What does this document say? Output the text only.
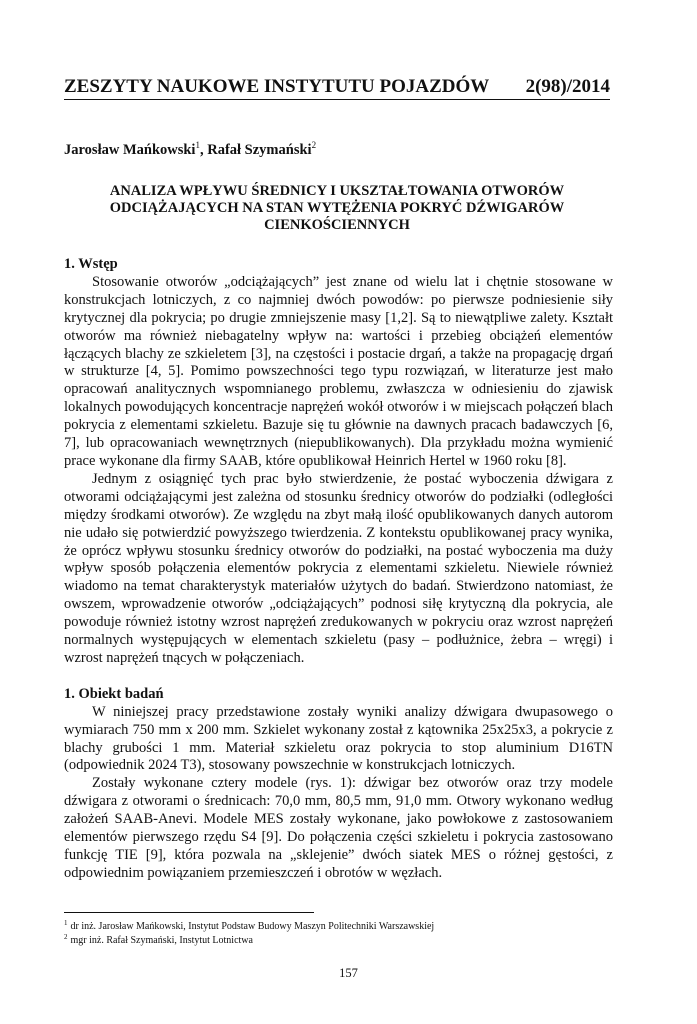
ZESZYTY NAUKOWE INSTYTUTU POJAZDÓW 2(98)/2014
Jarosław Mańkowski$^1$, Rafał Szymański$^2$
ANALIZA WPŁYWU ŚREDNICY I UKSZTAŁTOWANIA OTWORÓW
ODCIĄŻAJĄCYCH NA STAN WYTĘŻENIA POKRYĆ DŹWIGARÓW
CIENKOŚCIENNYCH
1. Wstęp

Stosowanie otworów „odciążających” jest znane od wielu lat i chętnie stosowane w konstrukcjach lotniczych, z co najmniej dwóch powodów: po pierwsze podniesienie siły krytycznej dla pokrycia; po drugie zmniejszenie masy [1,2]. Są to niewątpliwe zalety. Kształt otworów ma również niebagatelny wpływ na: wartości i przebieg obciążeń elementów łączących blachy ze szkieletem [3], na częstości i postacie drgań, a także na propagację drgań w strukturze [4, 5]. Pomimo powszechności tego typu rozwiązań, w literaturze jest mało opracowań analitycznych wspomnianego problemu, zwłaszcza w odniesieniu do zjawisk lokalnych powodujących koncentracje naprężeń wokół otworów i w miejscach połączeń blach pokrycia z elementami szkieletu. Bazuje się tu głównie na dawnych pracach badawczych [6, 7], lub opracowaniach wewnętrznych (niepublikowanych). Dla przykładu można wymienić prace wykonane dla firmy SAAB, które opublikował Heinrich Hertel w 1960 roku [8].

Jednym z osiągnięć tych prac było stwierdzenie, że postać wyboczenia dźwigara z otworami odciążającymi jest zależna od stosunku średnicy otworów do podziałki (odległości między środkami otworów). Ze względu na zbyt małą ilość opublikowanych danych autorom nie udało się potwierdzić powyższego twierdzenia. Z kontekstu opublikowanej pracy wynika, że oprócz wpływu stosunku średnicy otworów do podziałki, na postać wyboczenia ma duży wpływ sposób połączenia elementów pokrycia z elementami szkieletu. Niewiele również wiadomo na temat charakterystyk materiałów użytych do badań. Stwierdzono natomiast, że owszem, wprowadzenie otworów „odciążających” podnosi siłę krytyczną dla pokrycia, ale powoduje również istotny wzrost naprężeń zredukowanych w pokryciu oraz wzrost naprężeń normalnych występujących w elementach szkieletu (pasy – podłużnice, żebra – wręgi) i wzrost naprężeń tnących w połączeniach.

1. Obiekt badań

W niniejszej pracy przedstawione zostały wyniki analizy dźwigara dwupasowego o wymiarach 750 mm x 200 mm. Szkielet wykonany został z kątownika 25x25x3, a pokrycie z blachy grubości 1 mm. Materiał szkieletu oraz pokrycia to stop aluminium D16TN (odpowiednik 2024 T3), stosowany powszechnie w konstrukcjach lotniczych.

Zostały wykonane cztery modele (rys. 1): dźwigar bez otworów oraz trzy modele dźwigara z otworami o średnicach: 70,0 mm, 80,5 mm, 91,0 mm. Otwory wykonano według założeń SAAB-Anevi. Modele MES zostały wykonane, jako powłokowe z zastosowaniem elementów pierwszego rzędu S4 [9]. Do połączenia części szkieletu i pokrycia zastosowano funkcję TIE [9], która pozwala na „sklejenie” dwóch siatek MES o różnej gęstości, z odpowiednim powiązaniem przemieszczeń i obrotów w węzłach.

$^1$ dr inż. Jarosław Mańkowski, Instytut Podstaw Budowy Maszyn Politechniki Warszawskiej
$^2$ mgr inż. Rafał Szymański, Instytut Lotnictwa
157
